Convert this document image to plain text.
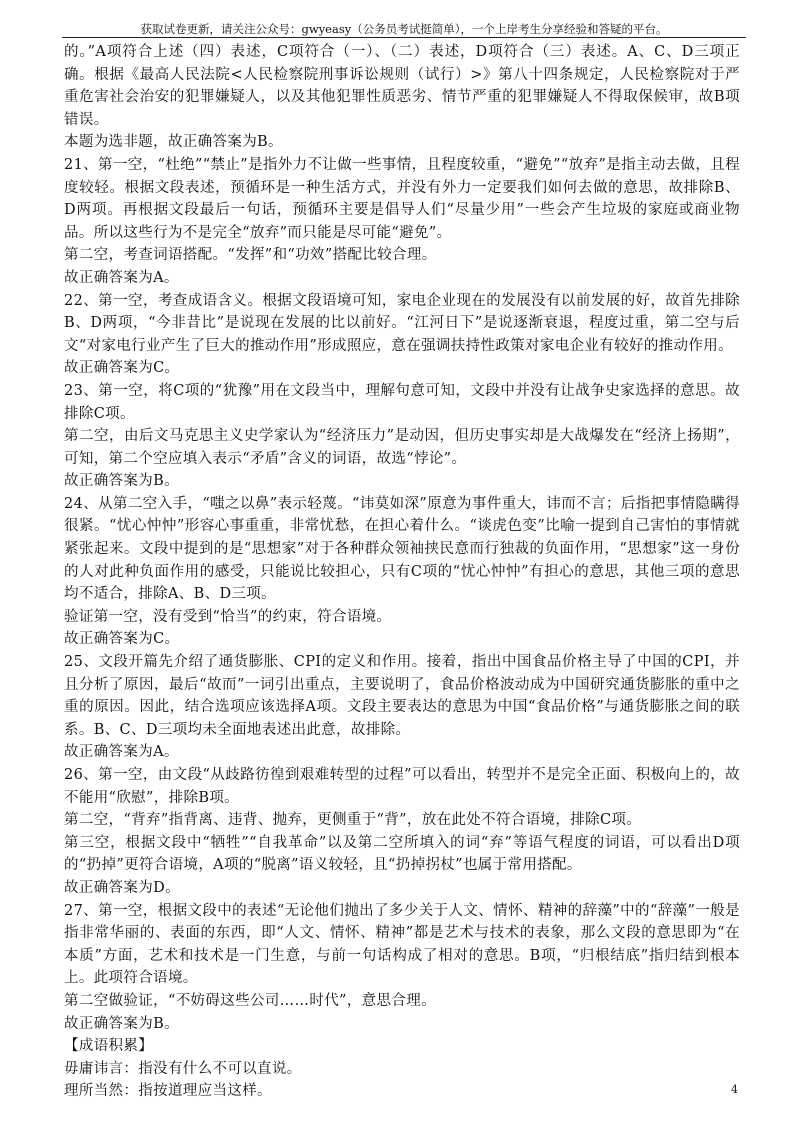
获取试卷更新，请关注公众号：gwyeasy（公务员考试挺简单），一个上岸考生分享经验和答疑的平台。

的。”A项符合上述（四）表述，C项符合（一）、（二）表述，D项符合（三）表述。A、C、D三项正确。根据《最高人民法院<人民检察院刑事诉讼规则（试行）>》第八十四条规定，人民检察院对于严重危害社会治安的犯罪嫌疑人，以及其他犯罪性质恶劣、情节严重的犯罪嫌疑人不得取保候审，故B项错误。

本题为选非题，故正确答案为B。

21、第一空，“杜绝”“禁止”是指外力不让做一些事情，且程度较重，“避免”“放弃”是指主动去做，且程度较轻。根据文段表述，预循环是一种生活方式，并没有外力一定要我们如何去做的意思，故排除B、D两项。再根据文段最后一句话，预循环主要是倡导人们“尽量少用”一些会产生垃圾的家庭或商业物品。所以这些行为不是完全“放弃”而只能是尽可能“避免”。

第二空，考查词语搭配。“发挥”和“功效”搭配比较合理。

故正确答案为A。

22、第一空，考查成语含义。根据文段语境可知，家电企业现在的发展没有以前发展的好，故首先排除B、D两项，“今非昔比”是说现在发展的比以前好。“江河日下”是说逐渐衰退，程度过重，第二空与后文“对家电行业产生了巨大的推动作用”形成照应，意在强调扶持性政策对家电企业有较好的推动作用。

故正确答案为C。

23、第一空，将C项的“犹豫”用在文段当中，理解句意可知，文段中并没有让战争史家选择的意思。故排除C项。

第二空，由后文马克思主义史学家认为“经济压力”是动因，但历史事实却是大战爆发在“经济上扬期”，可知，第二个空应填入表示“矛盾”含义的词语，故选“悖论”。

故正确答案为B。

24、从第二空入手，“嗤之以鼻”表示轻蔑。“讳莫如深”原意为事件重大，讳而不言；后指把事情隐瞒得很紧。“忧心忡忡”形容心事重重，非常忧愁，在担心着什么。“谈虎色变”比喻一提到自己害怕的事情就紧张起来。文段中提到的是“思想家”对于各种群众领袖挟民意而行独裁的负面作用，“思想家”这一身份的人对此种负面作用的感受，只能说比较担心，只有C项的“忧心忡忡”有担心的意思，其他三项的意思均不适合，排除A、B、D三项。

验证第一空，没有受到“恰当”的约束，符合语境。

故正确答案为C。

25、文段开篇先介绍了通货膨胀、CPI的定义和作用。接着，指出中国食品价格主导了中国的CPI，并且分析了原因，最后“故而”一词引出重点，主要说明了，食品价格波动成为中国研究通货膨胀的重中之重的原因。因此，结合选项应该选择A项。文段主要表达的意思为中国“食品价格”与通货膨胀之间的联系。B、C、D三项均未全面地表述出此意，故排除。

故正确答案为A。

26、第一空，由文段“从歧路彷徨到艰难转型的过程”可以看出，转型并不是完全正面、积极向上的，故不能用“欣慰”，排除B项。

第二空，“背弃”指背离、违背、抛弃，更侧重于“背”，放在此处不符合语境，排除C项。

第三空，根据文段中“牺牲”“自我革命”以及第二空所填入的词“弃”等语气程度的词语，可以看出D项的“扔掉”更符合语境，A项的“脱离”语义较轻，且“扔掉拐杖”也属于常用搭配。

故正确答案为D。

27、第一空，根据文段中的表述“无论他们抛出了多少关于人文、情怀、精神的辞藻”中的“辞藻”一般是指非常华丽的、表面的东西，即“人文、情怀、精神”都是艺术与技术的表象，那么文段的意思即为“在本质”方面，艺术和技术是一门生意，与前一句话构成了相对的意思。B项，“归根结底”指归结到根本上。此项符合语境。

第二空做验证，“不妨碍这些公司……时代”，意思合理。

故正确答案为B。

【成语积累】

毋庸讳言：指没有什么不可以直说。

理所当然：指按道理应当这样。	4
